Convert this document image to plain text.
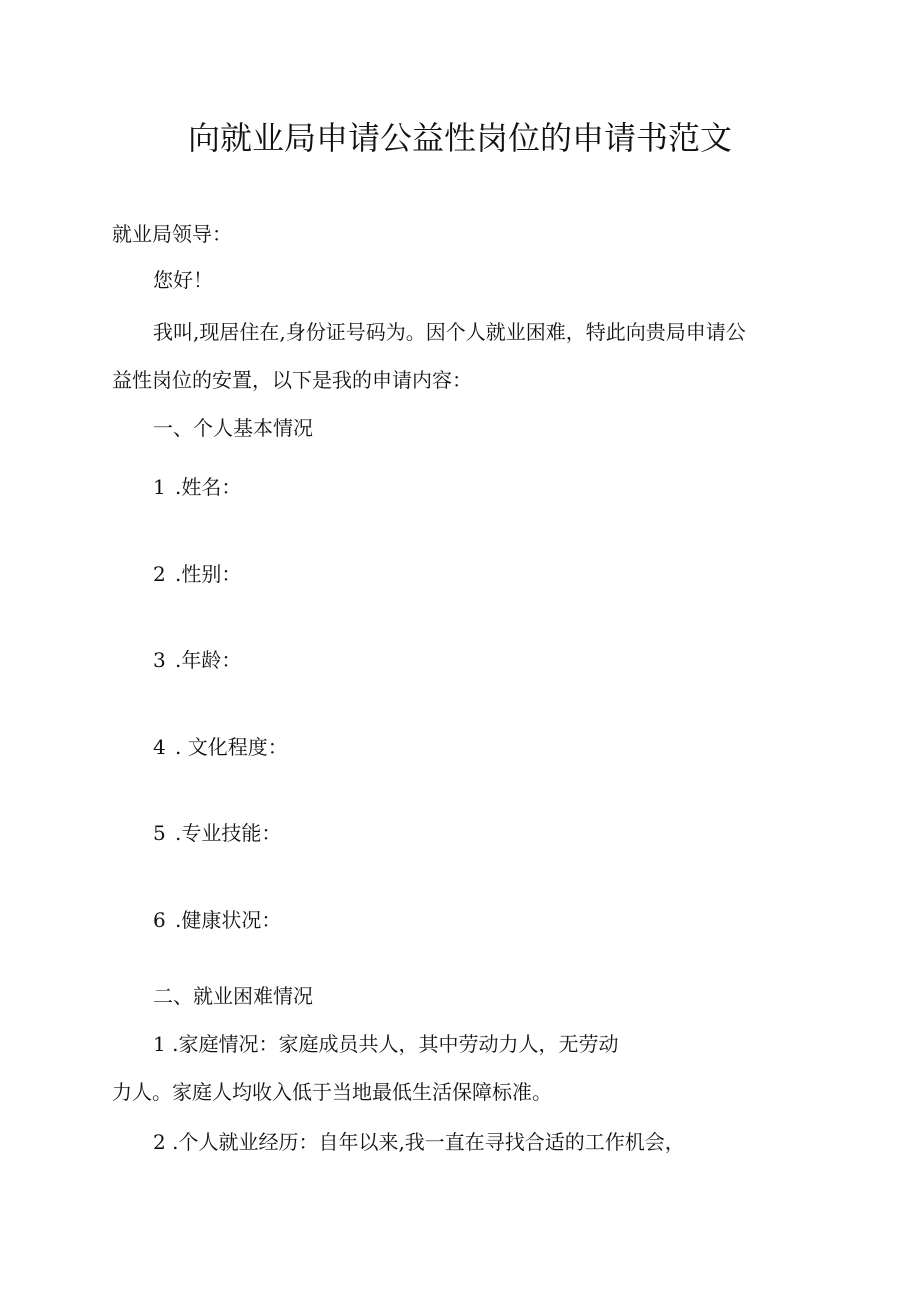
向就业局申请公益性岗位的申请书范文
就业局领导：
您好！
我叫,现居住在,身份证号码为。因个人就业困难，特此向贵局申请公
益性岗位的安置，以下是我的申请内容：
一、个人基本情况
1 .姓名：
2 .性别：
3 .年龄：
4 . 文化程度：
5 .专业技能：
6 .健康状况：
二、就业困难情况
1 .家庭情况：家庭成员共人，其中劳动力人，无劳动
力人。家庭人均收入低于当地最低生活保障标准。
2 .个人就业经历：自年以来,我一直在寻找合适的工作机会，
